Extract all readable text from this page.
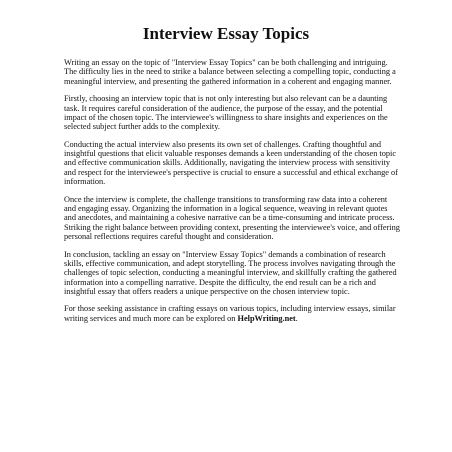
Interview Essay Topics

Writing an essay on the topic of "Interview Essay Topics" can be both challenging and intriguing. The difficulty lies in the need to strike a balance between selecting a compelling topic, conducting a meaningful interview, and presenting the gathered information in a coherent and engaging manner.

Firstly, choosing an interview topic that is not only interesting but also relevant can be a daunting task. It requires careful consideration of the audience, the purpose of the essay, and the potential impact of the chosen topic. The interviewee's willingness to share insights and experiences on the selected subject further adds to the complexity.

Conducting the actual interview also presents its own set of challenges. Crafting thoughtful and insightful questions that elicit valuable responses demands a keen understanding of the chosen topic and effective communication skills. Additionally, navigating the interview process with sensitivity and respect for the interviewee's perspective is crucial to ensure a successful and ethical exchange of information.

Once the interview is complete, the challenge transitions to transforming raw data into a coherent and engaging essay. Organizing the information in a logical sequence, weaving in relevant quotes and anecdotes, and maintaining a cohesive narrative can be a time-consuming and intricate process. Striking the right balance between providing context, presenting the interviewee's voice, and offering personal reflections requires careful thought and consideration.

In conclusion, tackling an essay on "Interview Essay Topics" demands a combination of research skills, effective communication, and adept storytelling. The process involves navigating through the challenges of topic selection, conducting a meaningful interview, and skillfully crafting the gathered information into a compelling narrative. Despite the difficulty, the end result can be a rich and insightful essay that offers readers a unique perspective on the chosen interview topic.

For those seeking assistance in crafting essays on various topics, including interview essays, similar writing services and much more can be explored on HelpWriting.net.
